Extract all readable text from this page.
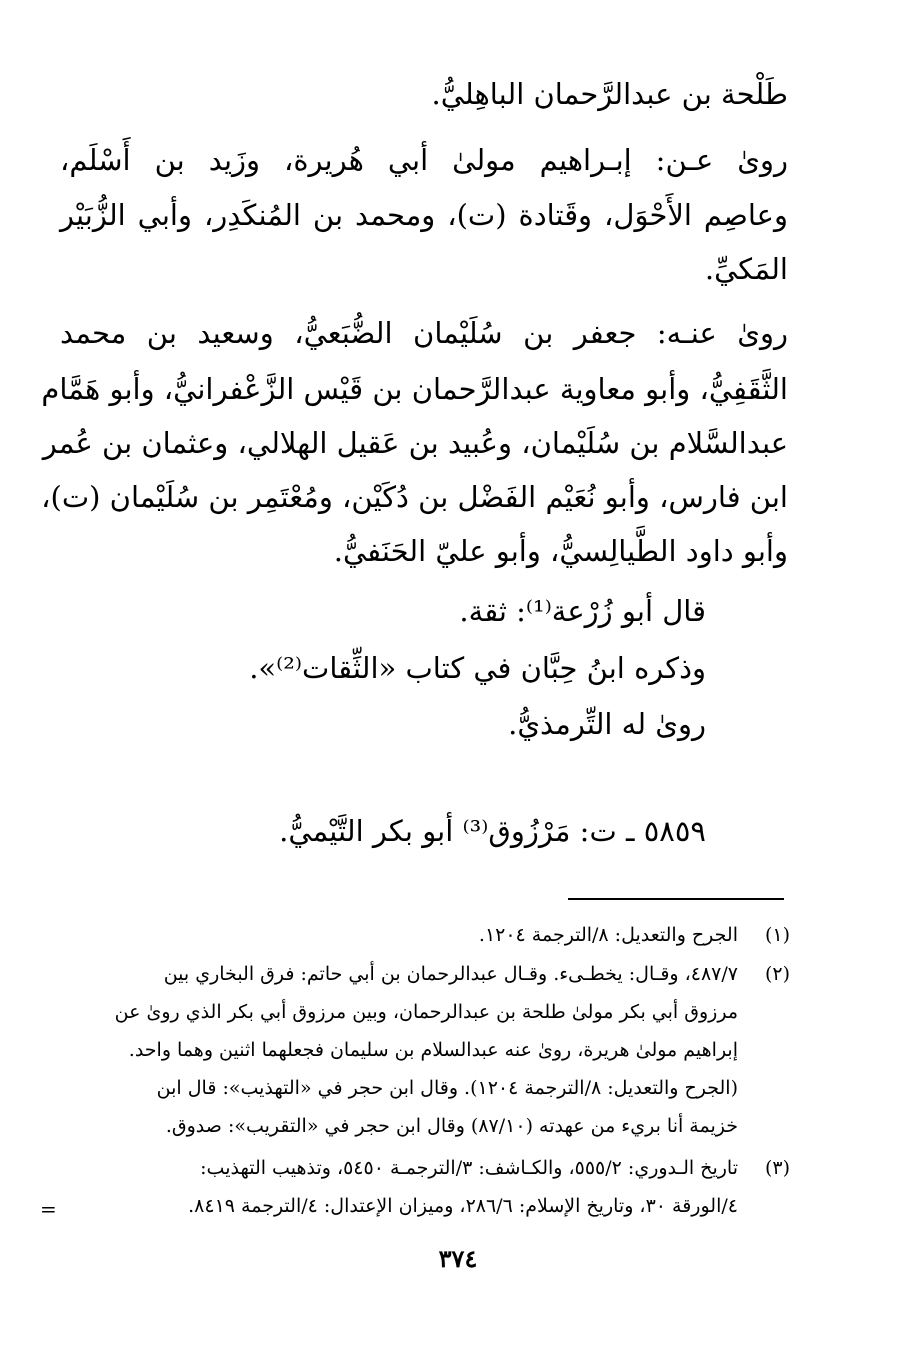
طَلْحة بن عبدالرَّحمان الباهِليُّ.
روىٰ عـن: إبـراهيم مولىٰ أبي هُريرة، وزَيد بن أَسْلَم،
وعاصِم الأَحْوَل، وقَتادة (ت)، ومحمد بن المُنكَدِر، وأبي الزُّبَيْر
المَكيِّ.
روىٰ عنـه: جعفر بن سُلَيْمان الضُّبَعيُّ، وسعيد بن محمد
الثَّقَفِيُّ، وأبو معاوية عبدالرَّحمان بن قَيْس الزَّعْفرانيُّ، وأبو هَمَّام
عبدالسَّلام بن سُلَيْمان، وعُبيد بن عَقيل الهلالي، وعثمان بن عُمر
ابن فارس، وأبو نُعَيْم الفَضْل بن دُكَيْن، ومُعْتَمِر بن سُلَيْمان (ت)،
وأبو داود الطَّيالِسيُّ، وأبو عليّ الحَنَفيُّ.
قال أبو زُرْعة⁽¹⁾: ثقة.
وذكره ابنُ حِبَّان في كتاب «الثِّقات⁽²⁾».
روىٰ له التِّرمذيُّ.
٥٨٥٩ ـ ت: مَرْزُوق⁽³⁾ أبو بكر التَّيْميُّ.
(١)
الجرح والتعديل: ٨/الترجمة ١٢٠٤.
(٢)
٤٨٧/٧، وقـال: يخطـىء. وقـال عبدالرحمان بن أبي حاتم: فرق البخاري بين
مرزوق أبي بكر مولىٰ طلحة بن عبدالرحمان، وبين مرزوق أبي بكر الذي روىٰ عن
إبراهيم مولىٰ هريرة، روىٰ عنه عبدالسلام بن سليمان فجعلهما اثنين وهما واحد.
(الجرح والتعديل: ٨/الترجمة ١٢٠٤). وقال ابن حجر في «التهذيب»: قال ابن
خزيمة أنا بريء من عهدته (٨٧/١٠) وقال ابن حجر في «التقريب»: صدوق.
(٣)
تاريخ الـدوري: ٥٥٥/٢، والكـاشف: ٣/الترجمـة ٥٤٥٠، وتذهيب التهذيب:
٤/الورقة ٣٠، وتاريخ الإسلام: ٢٨٦/٦، وميزان الإعتدال: ٤/الترجمة ٨٤١٩.
=
٣٧٤
